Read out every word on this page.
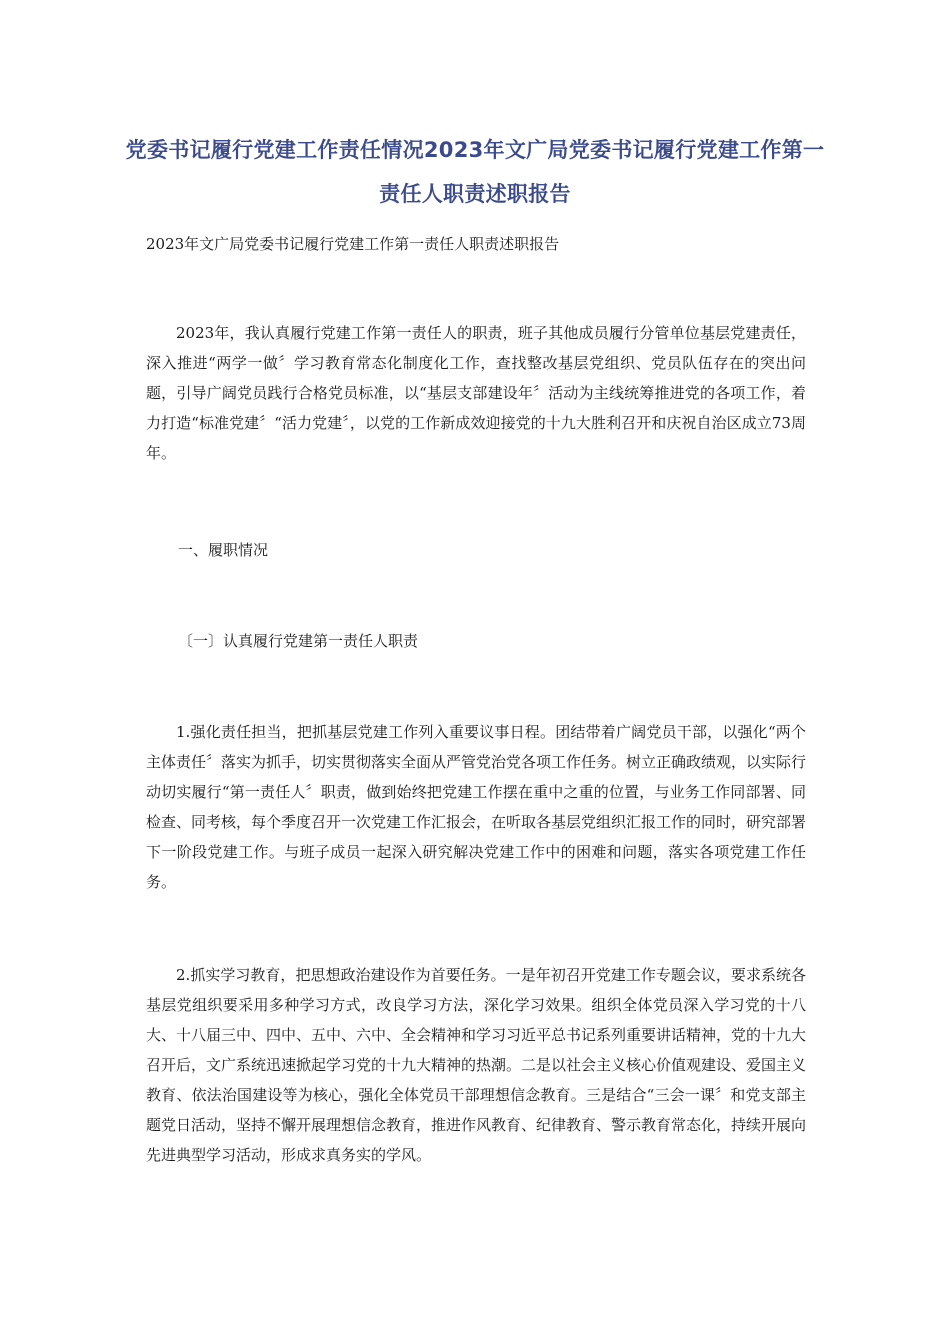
党委书记履行党建工作责任情况2023年文广局党委书记履行党建工作第一责任人职责述职报告
2023年文广局党委书记履行党建工作第一责任人职责述职报告
2023年，我认真履行党建工作第一责任人的职责，班子其他成员履行分管单位基层党建责任，深入推进“两学一做〞学习教育常态化制度化工作，查找整改基层党组织、党员队伍存在的突出问题，引导广阔党员践行合格党员标准，以“基层支部建设年〞活动为主线统筹推进党的各项工作，着力打造“标准党建〞“活力党建〞，以党的工作新成效迎接党的十九大胜利召开和庆祝自治区成立73周年。
一、履职情况
〔一〕认真履行党建第一责任人职责
1.强化责任担当，把抓基层党建工作列入重要议事日程。团结带着广阔党员干部，以强化“两个主体责任〞落实为抓手，切实贯彻落实全面从严管党治党各项工作任务。树立正确政绩观，以实际行动切实履行“第一责任人〞职责，做到始终把党建工作摆在重中之重的位置，与业务工作同部署、同检查、同考核，每个季度召开一次党建工作汇报会，在听取各基层党组织汇报工作的同时，研究部署下一阶段党建工作。与班子成员一起深入研究解决党建工作中的困难和问题，落实各项党建工作任务。
2.抓实学习教育，把思想政治建设作为首要任务。一是年初召开党建工作专题会议，要求系统各基层党组织要采用多种学习方式，改良学习方法，深化学习效果。组织全体党员深入学习党的十八大、十八届三中、四中、五中、六中、全会精神和学习习近平总书记系列重要讲话精神，党的十九大召开后，文广系统迅速掀起学习党的十九大精神的热潮。二是以社会主义核心价值观建设、爱国主义教育、依法治国建设等为核心，强化全体党员干部理想信念教育。三是结合“三会一课〞和党支部主题党日活动，坚持不懈开展理想信念教育，推进作风教育、纪律教育、警示教育常态化，持续开展向先进典型学习活动，形成求真务实的学风。
